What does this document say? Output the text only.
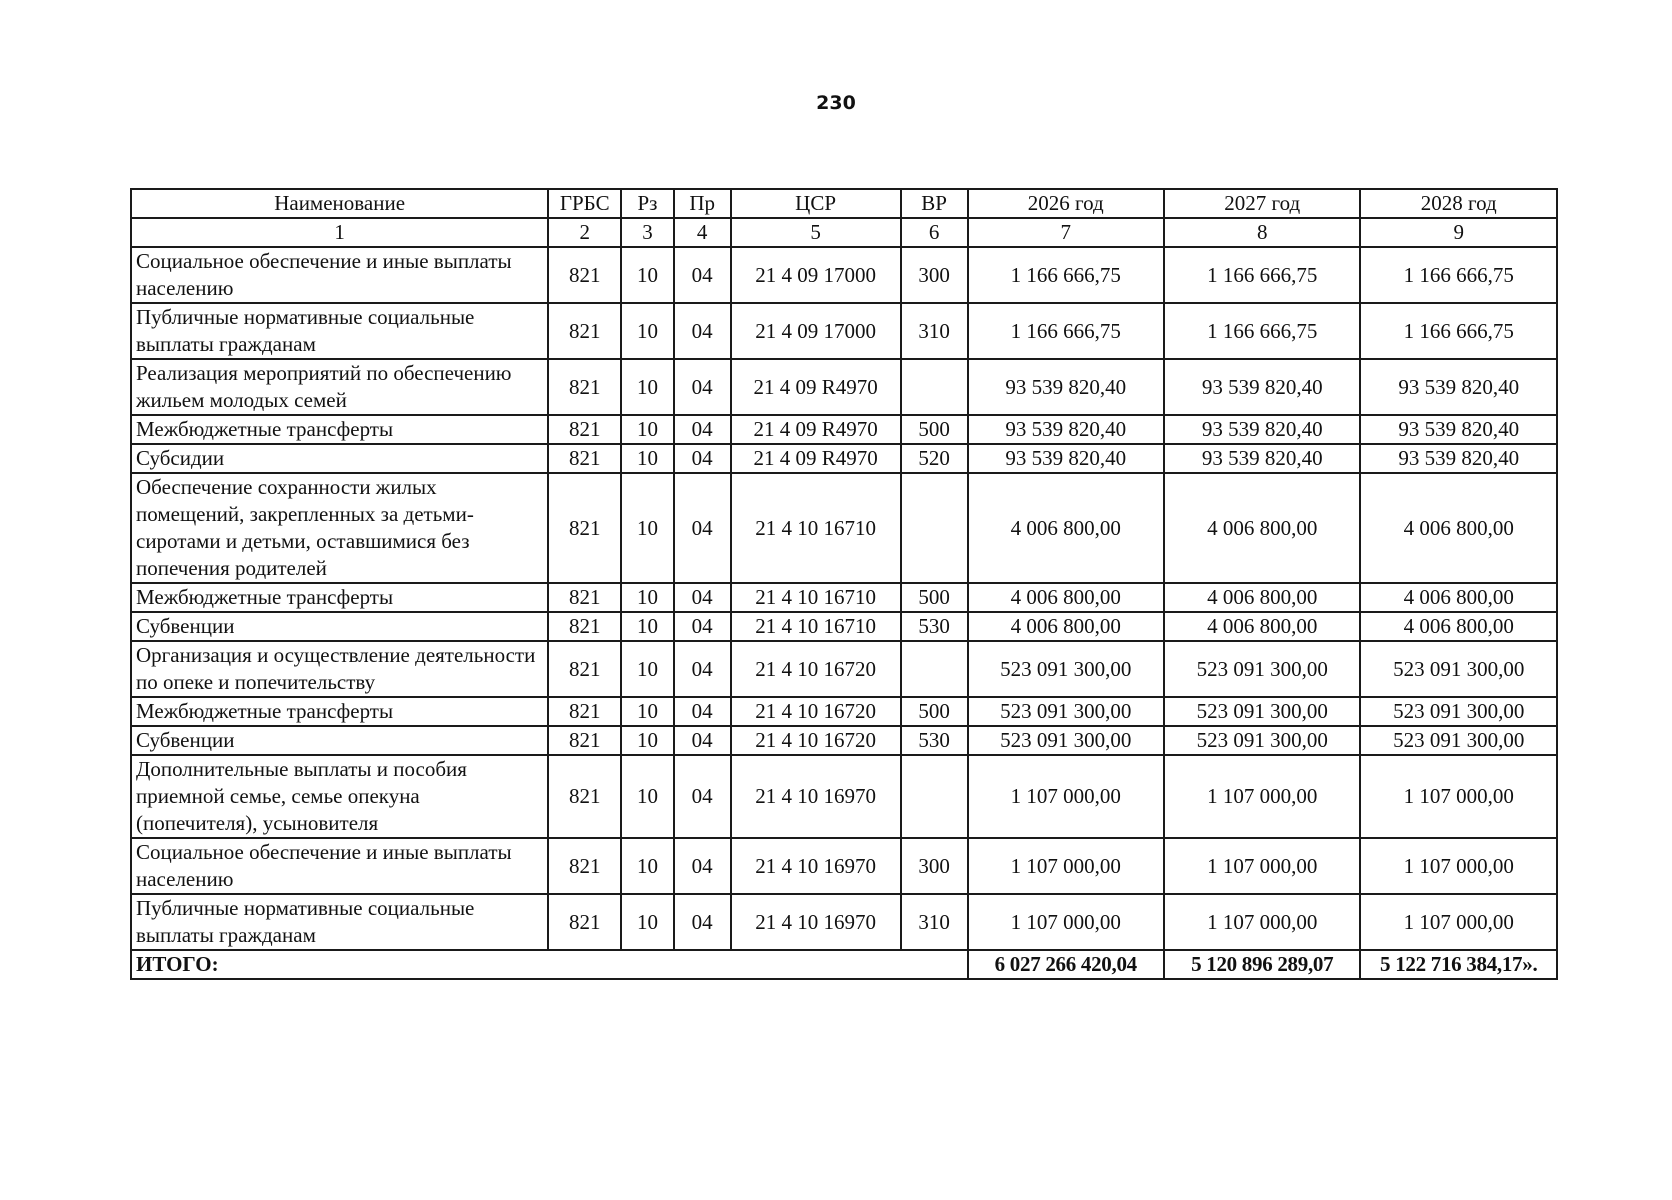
230
Наименование	ГРБС	Рз	Пр	ЦСР	ВР	2026 год	2027 год	2028 год
1	2	3	4	5	6	7	8	9
Социальное обеспечение и иные выплаты населению	821	10	04	21 4 09 17000	300	1 166 666,75	1 166 666,75	1 166 666,75
Публичные нормативные социальные выплаты гражданам	821	10	04	21 4 09 17000	310	1 166 666,75	1 166 666,75	1 166 666,75
Реализация мероприятий по обеспечению жильем молодых семей	821	10	04	21 4 09 R4970		93 539 820,40	93 539 820,40	93 539 820,40
Межбюджетные трансферты	821	10	04	21 4 09 R4970	500	93 539 820,40	93 539 820,40	93 539 820,40
Субсидии	821	10	04	21 4 09 R4970	520	93 539 820,40	93 539 820,40	93 539 820,40
Обеспечение сохранности жилых помещений, закрепленных за детьми-сиротами и детьми, оставшимися без попечения родителей	821	10	04	21 4 10 16710		4 006 800,00	4 006 800,00	4 006 800,00
Межбюджетные трансферты	821	10	04	21 4 10 16710	500	4 006 800,00	4 006 800,00	4 006 800,00
Субвенции	821	10	04	21 4 10 16710	530	4 006 800,00	4 006 800,00	4 006 800,00
Организация и осуществление деятельности по опеке и попечительству	821	10	04	21 4 10 16720		523 091 300,00	523 091 300,00	523 091 300,00
Межбюджетные трансферты	821	10	04	21 4 10 16720	500	523 091 300,00	523 091 300,00	523 091 300,00
Субвенции	821	10	04	21 4 10 16720	530	523 091 300,00	523 091 300,00	523 091 300,00
Дополнительные выплаты и пособия приемной семье, семье опекуна (попечителя), усыновителя	821	10	04	21 4 10 16970		1 107 000,00	1 107 000,00	1 107 000,00
Социальное обеспечение и иные выплаты населению	821	10	04	21 4 10 16970	300	1 107 000,00	1 107 000,00	1 107 000,00
Публичные нормативные социальные выплаты гражданам	821	10	04	21 4 10 16970	310	1 107 000,00	1 107 000,00	1 107 000,00
ИТОГО:						6 027 266 420,04	5 120 896 289,07	5 122 716 384,17».
